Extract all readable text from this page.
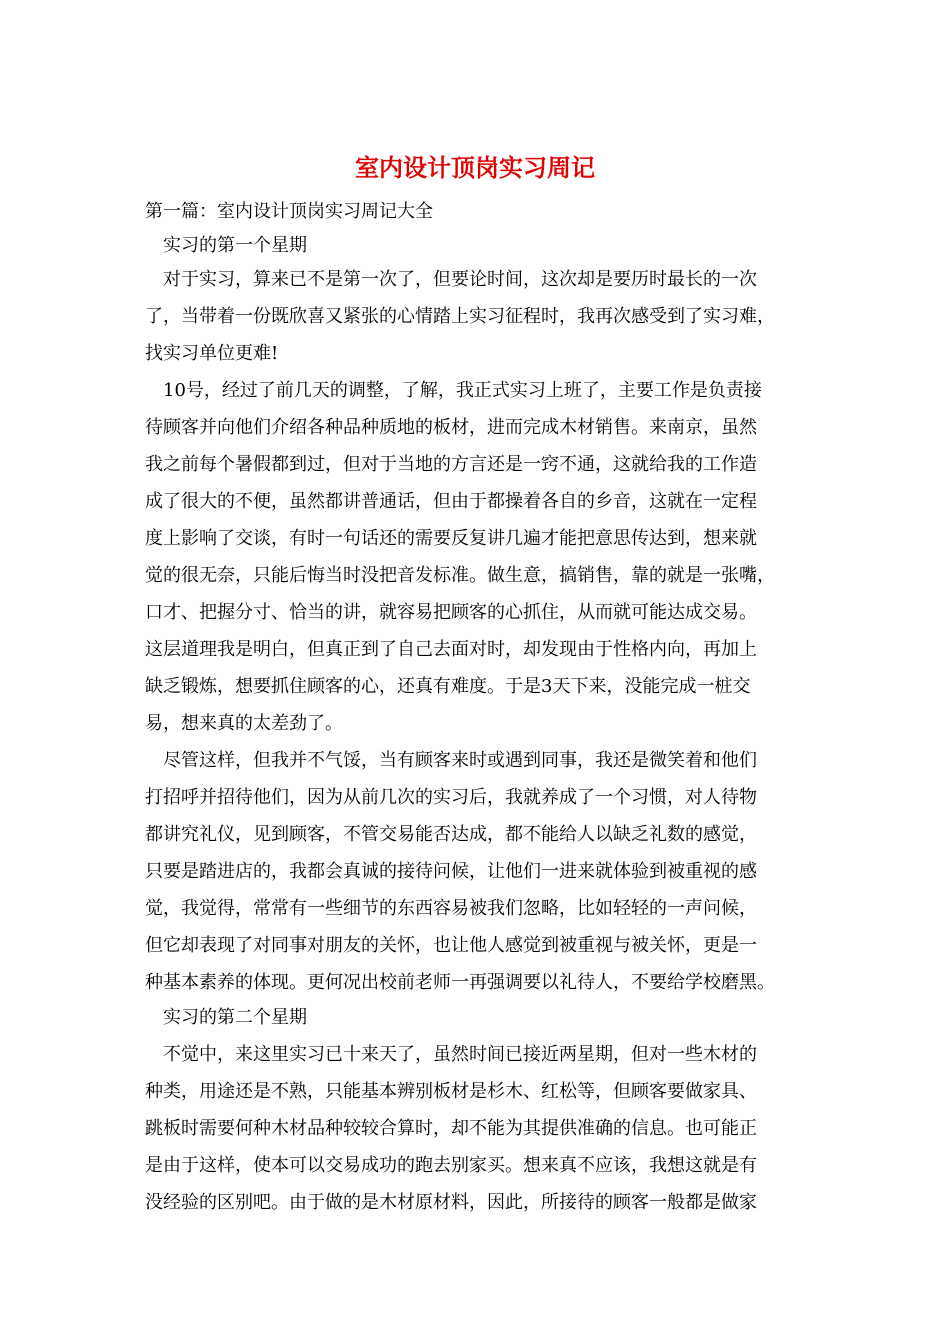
室内设计顶岗实习周记
第一篇：室内设计顶岗实习周记大全
实习的第一个星期
对于实习，算来已不是第一次了，但要论时间，这次却是要历时最长的一次
了，当带着一份既欣喜又紧张的心情踏上实习征程时，我再次感受到了实习难，
找实习单位更难!
10号，经过了前几天的调整，了解，我正式实习上班了，主要工作是负责接
待顾客并向他们介绍各种品种质地的板材，进而完成木材销售。来南京，虽然
我之前每个暑假都到过，但对于当地的方言还是一窍不通，这就给我的工作造
成了很大的不便，虽然都讲普通话，但由于都操着各自的乡音，这就在一定程
度上影响了交谈，有时一句话还的需要反复讲几遍才能把意思传达到，想来就
觉的很无奈，只能后悔当时没把音发标准。做生意，搞销售，靠的就是一张嘴，
口才、把握分寸、恰当的讲，就容易把顾客的心抓住，从而就可能达成交易。
这层道理我是明白，但真正到了自己去面对时，却发现由于性格内向，再加上
缺乏锻炼，想要抓住顾客的心，还真有难度。于是3天下来，没能完成一桩交
易，想来真的太差劲了。
尽管这样，但我并不气馁，当有顾客来时或遇到同事，我还是微笑着和他们
打招呼并招待他们，因为从前几次的实习后，我就养成了一个习惯，对人待物
都讲究礼仪，见到顾客，不管交易能否达成，都不能给人以缺乏礼数的感觉，
只要是踏进店的，我都会真诚的接待问候，让他们一进来就体验到被重视的感
觉，我觉得，常常有一些细节的东西容易被我们忽略，比如轻轻的一声问候，
但它却表现了对同事对朋友的关怀，也让他人感觉到被重视与被关怀，更是一
种基本素养的体现。更何况出校前老师一再强调要以礼待人，不要给学校磨黑。
实习的第二个星期
不觉中，来这里实习已十来天了，虽然时间已接近两星期，但对一些木材的
种类，用途还是不熟，只能基本辨别板材是杉木、红松等，但顾客要做家具、
跳板时需要何种木材品种较较合算时，却不能为其提供准确的信息。也可能正
是由于这样，使本可以交易成功的跑去别家买。想来真不应该，我想这就是有
没经验的区别吧。由于做的是木材原材料，因此，所接待的顾客一般都是做家
